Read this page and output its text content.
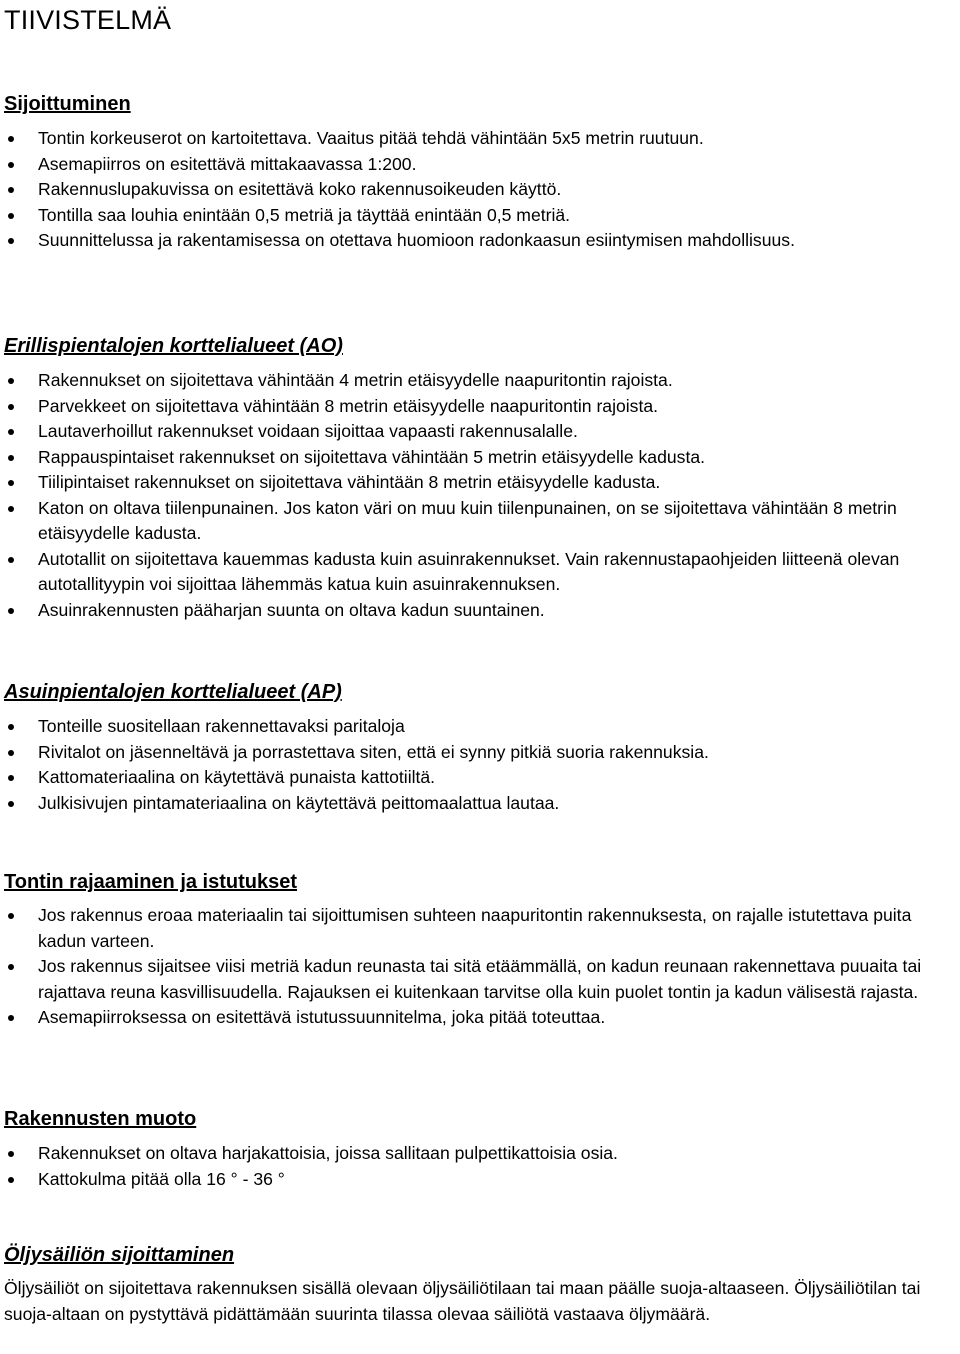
TIIVISTELMÄ
Sijoittuminen
Tontin korkeuserot on kartoitettava. Vaaitus pitää tehdä vähintään 5x5 metrin ruutuun.
Asemapiirros on esitettävä mittakaavassa 1:200.
Rakennuslupakuvissa on esitettävä koko rakennusoikeuden käyttö.
Tontilla saa louhia enintään 0,5 metriä ja täyttää enintään 0,5 metriä.
Suunnittelussa ja rakentamisessa on otettava huomioon radonkaasun esiintymisen mahdollisuus.
Erillispientalojen korttelialueet (AO)
Rakennukset on sijoitettava vähintään 4 metrin etäisyydelle naapuritontin rajoista.
Parvekkeet on sijoitettava vähintään 8 metrin etäisyydelle naapuritontin rajoista.
Lautaverhoillut rakennukset voidaan sijoittaa vapaasti rakennusalalle.
Rappauspintaiset rakennukset on sijoitettava vähintään 5 metrin etäisyydelle kadusta.
Tiilipintaiset rakennukset on sijoitettava vähintään 8 metrin etäisyydelle kadusta.
Katon on oltava tiilenpunainen. Jos katon väri on muu kuin tiilenpunainen, on se sijoitettava vähintään 8 metrin etäisyydelle kadusta.
Autotallit on sijoitettava kauemmas kadusta kuin asuinrakennukset. Vain rakennustapaohjeiden liitteenä olevan autotallityypin voi sijoittaa lähemmäs katua kuin asuinrakennuksen.
Asuinrakennusten pääharjan suunta on oltava kadun suuntainen.
Asuinpientalojen korttelialueet (AP)
Tonteille suositellaan rakennettavaksi paritaloja
Rivitalot on jäsenneltävä ja porrastettava siten, että ei synny pitkiä suoria rakennuksia.
Kattomateriaalina on käytettävä punaista kattotiiltä.
Julkisivujen pintamateriaalina on käytettävä peittomaalattua lautaa.
Tontin rajaaminen ja istutukset
Jos rakennus eroaa materiaalin tai sijoittumisen suhteen naapuritontin rakennuksesta, on rajalle istutettava puita kadun varteen.
Jos rakennus sijaitsee viisi metriä kadun reunasta tai sitä etäämmällä, on kadun reunaan rakennettava puuaita tai rajattava reuna kasvillisuudella. Rajauksen ei kuitenkaan tarvitse olla kuin puolet tontin ja kadun välisestä rajasta.
Asemapiirroksessa on esitettävä istutussuunnitelma, joka pitää toteuttaa.
Rakennusten muoto
Rakennukset on oltava harjakattoisia, joissa sallitaan pulpettikattoisia osia.
Kattokulma pitää olla 16 ° - 36 °
Öljysäiliön sijoittaminen

Öljysäiliöt on sijoitettava rakennuksen sisällä olevaan öljysäiliötilaan tai maan päälle suoja-altaaseen. Öljysäiliötilan tai suoja-altaan on pystyttävä pidättämään suurinta tilassa olevaa säiliötä vastaava öljymäärä.
